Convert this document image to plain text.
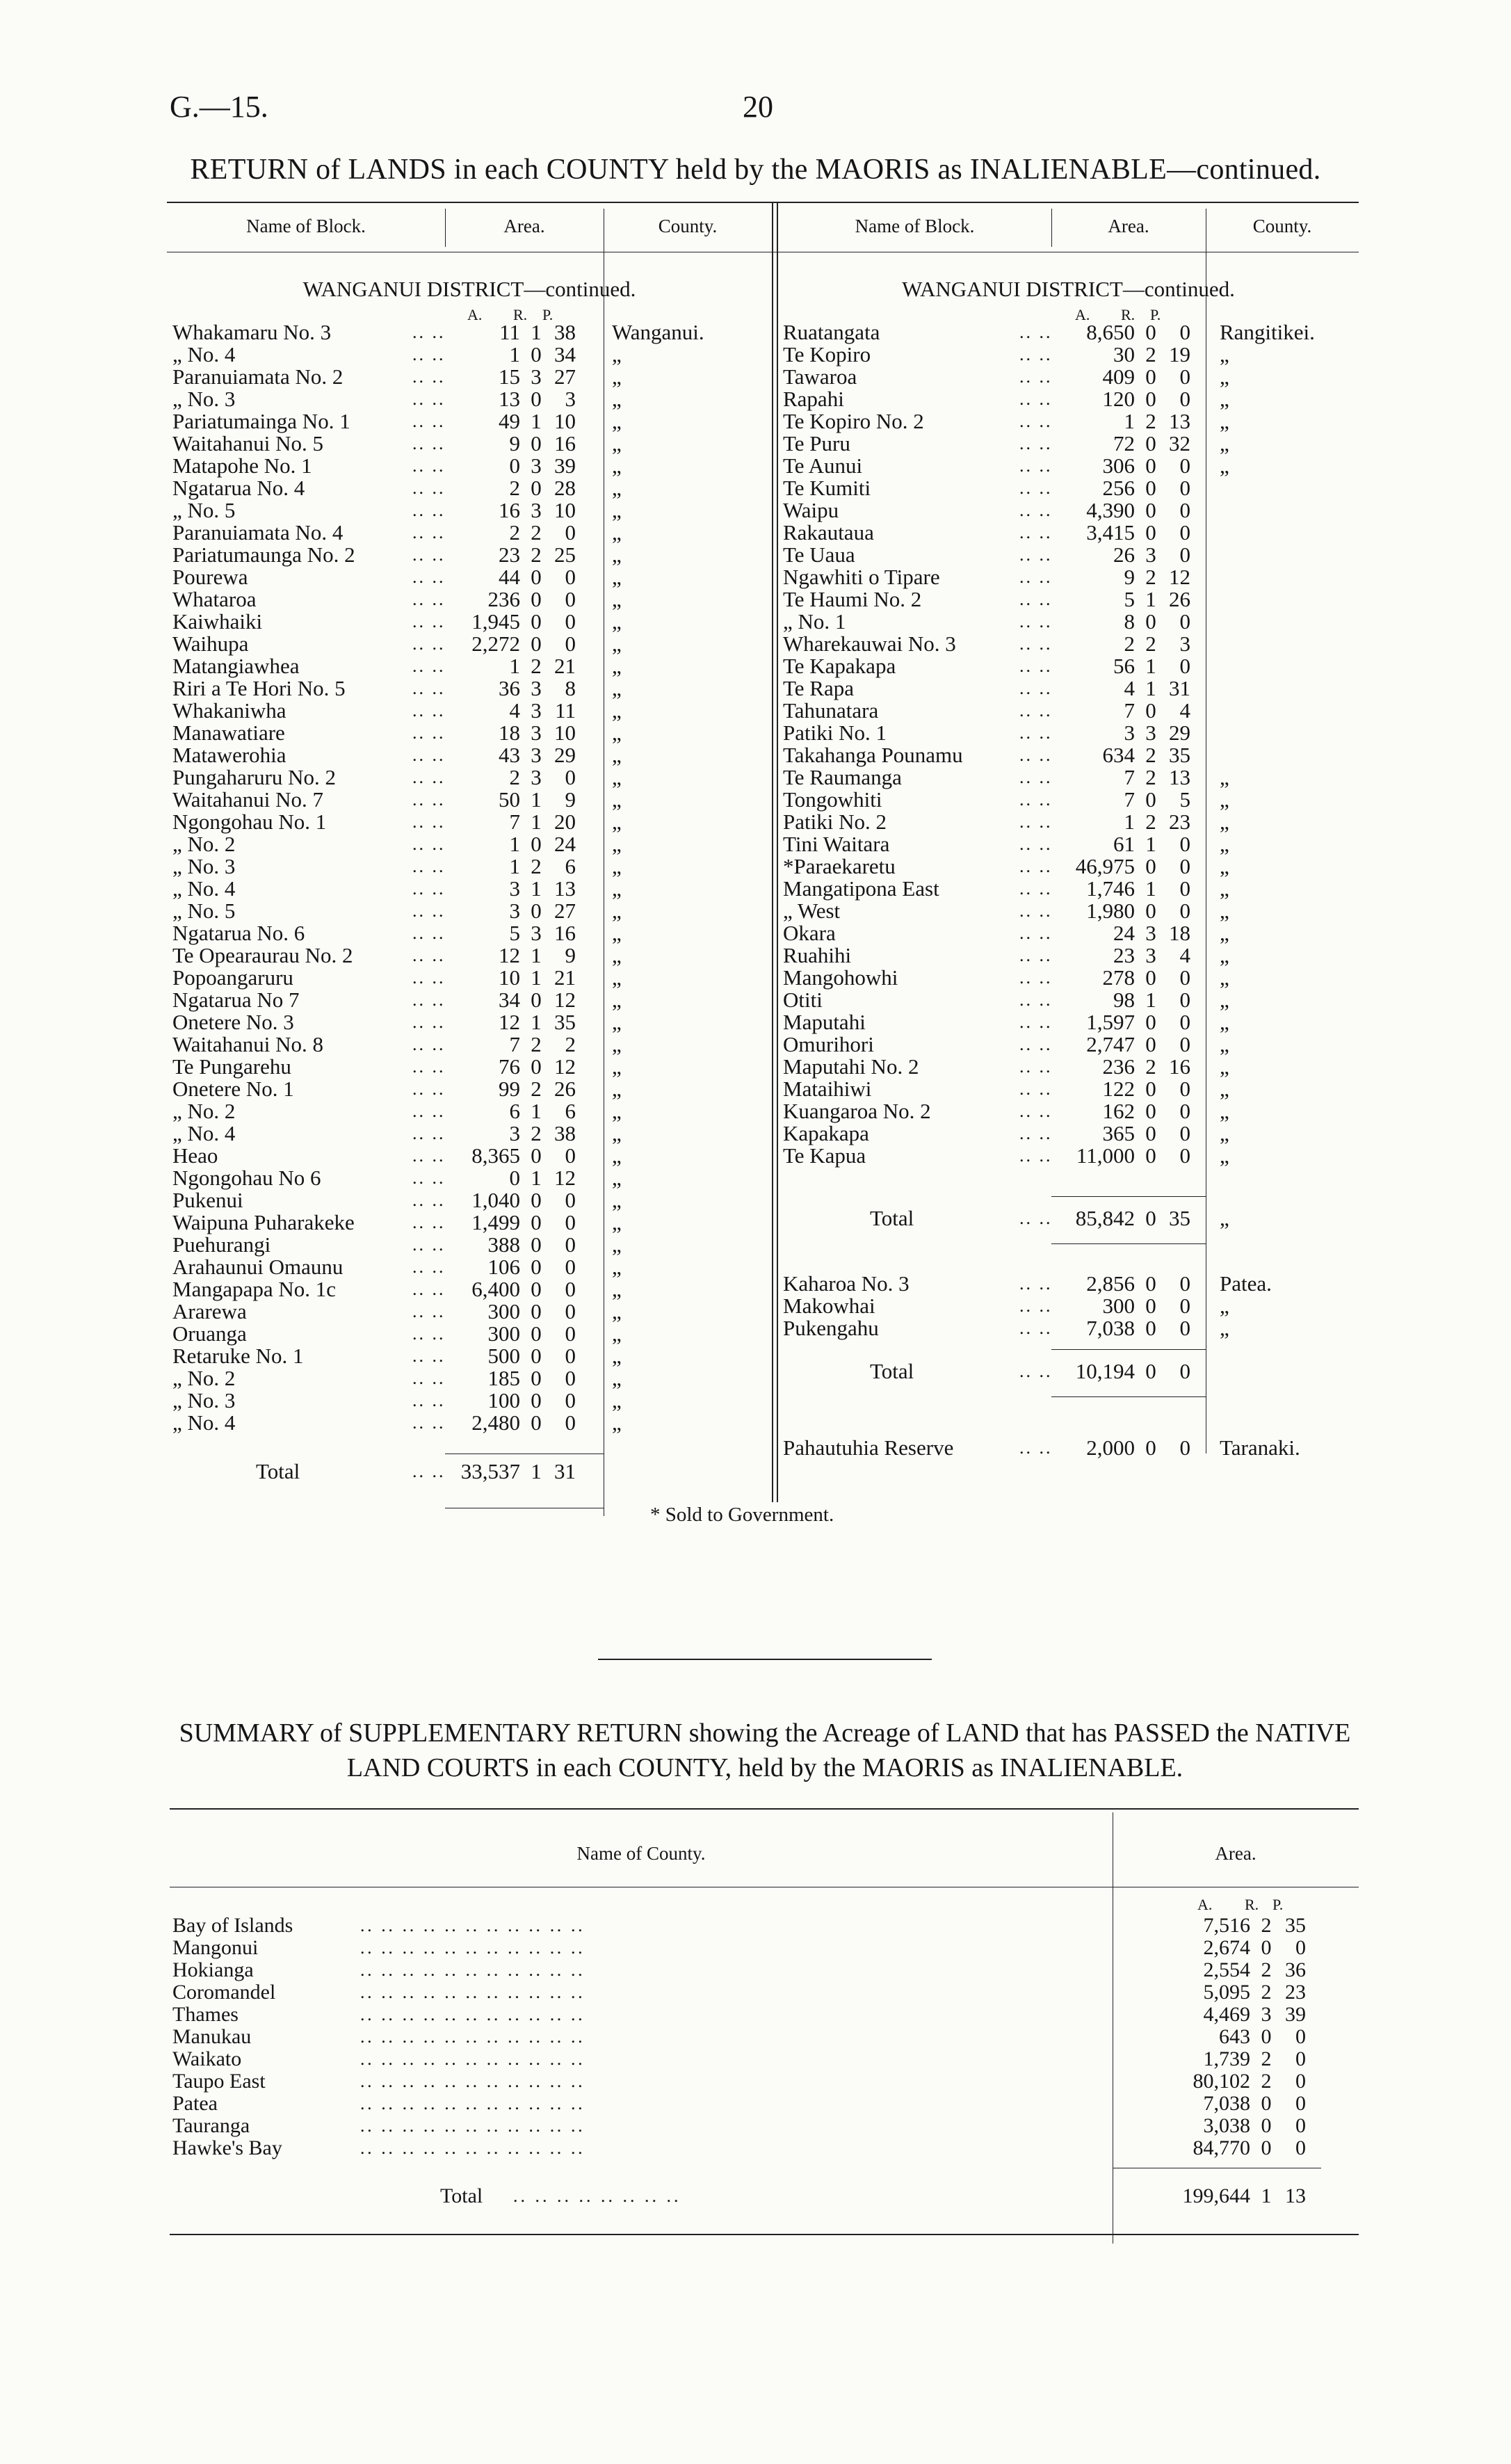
G.—15.	20
RETURN of LANDS in each COUNTY held by the MAORIS as INALIENABLE—continued.
Name of Block.	Area.	County.	Name of Block.	Area.	County.
WANGANUI DISTRICT—continued.	WANGANUI DISTRICT—continued.
A. R. P.	A. R. P.
Whakamaru No. 3	.. ..	11 1 38 Wanganui.
„ No. 4	.. ..	1 0 34 „
Paranuiamata No. 2	.. ..	15 3 27 „
„ No. 3	.. ..	13 0	3 „
Pariatumainga No. 1	.. ..	49 1 10 „
Waitahanui No. 5	.. ..	9 0 16 „
Matapohe No. 1	.. ..	0 3 39 „
Ngatarua No. 4	.. ..	2 0 28 „
„ No. 5	.. ..	16 3 10 „
Paranuiamata No. 4	.. ..	2 2	0 „
Pariatumaunga No. 2	.. ..	23 2 25 „
Pourewa	.. ..	44 0	0 „
Whataroa	.. ..	236 0	0 „
Kaiwhaiki	.. ..	1,945 0	0 „
Waihupa	.. ..	2,272 0	0 „
Matangiawhea	.. ..	1 2 21 „
Riri a Te Hori No. 5	.. ..	36 3	8 „
Whakaniwha	.. ..	4 3 11 „
Manawatiare	.. ..	18 3 10 „
Matawerohia	.. ..	43 3 29 „
Pungaharuru No. 2	.. ..	2 3	0 „
Waitahanui No. 7	.. ..	50 1	9 „
Ngongohau No. 1	.. ..	7 1 20 „
„ No. 2	.. ..	1 0 24 „
„ No. 3	.. ..	1 2	6 „
„ No. 4	.. ..	3 1 13 „
„ No. 5	.. ..	3 0 27 „
Ngatarua No. 6	.. ..	5 3 16 „
Te Opearaurau No. 2	.. ..	12 1	9 „
Popoangaruru	.. ..	10 1 21 „
Ngatarua No 7	.. ..	34 0 12 „
Onetere No. 3	.. ..	12 1 35 „
Waitahanui No. 8	.. ..	7 2	2 „
Te Pungarehu	.. ..	76 0 12 „
Onetere No. 1	.. ..	99 2 26 „
„ No. 2	.. ..	6 1	6 „
„ No. 4	.. ..	3 2 38 „
Heao	.. ..	8,365 0	0 „
Ngongohau No 6	.. ..	0 1 12 „
Pukenui	.. ..	1,040 0	0 „
Waipuna Puharakeke	.. ..	1,499 0	0 „
Puehurangi	.. ..	388 0	0 „
Arahaunui Omaunu	.. ..	106 0	0 „
Mangapapa No. 1c	.. ..	6,400 0	0 „
Ararewa	.. ..	300 0	0 „
Oruanga	.. ..	300 0	0 „
Retaruke No. 1	.. ..	500 0	0 „
„ No. 2	.. ..	185 0	0 „
„ No. 3	.. ..	100 0	0 „
„ No. 4	.. ..	2,480 0	0 „
Total	.. .. 33,537 1 31
Ruatangata	.. ..	8,650 0	0 Rangitikei.
Te Kopiro	.. ..	30 2 19 „
Tawaroa	.. ..	409 0	0 „
Rapahi	.. ..	120 0	0 „
Te Kopiro No. 2	.. ..	1 2 13 „
Te Puru	.. ..	72 0 32 „
Te Aunui	.. ..	306 0	0 „
Te Kumiti	.. ..	256 0	0
Waipu	.. ..	4,390 0	0
Rakautaua	.. ..	3,415 0	0
Te Uaua	.. ..	26 3	0
Ngawhiti o Tipare	.. ..	9 2 12
Te Haumi No. 2	.. ..	5 1 26
„ No. 1	.. ..	8 0	0
Wharekauwai No. 3	.. ..	2 2	3
Te Kapakapa	.. ..	56 1	0
Te Rapa	.. ..	4 1 31
Tahunatara	.. ..	7 0	4
Patiki No. 1	.. ..	3 3 29
Takahanga Pounamu	.. ..	634 2 35
Te Raumanga	.. ..	7 2 13 „
Tongowhiti	.. ..	7 0	5 „
Patiki No. 2	.. ..	1 2 23 „
Tini Waitara	.. ..	61 1	0 „
*Paraekaretu	.. ..	46,975 0	0 „
Mangatipona East	.. ..	1,746 1	0 „
„ West	.. ..	1,980 0	0 „
Okara	.. ..	24 3 18 „
Ruahihi	.. ..	23 3	4 „
Mangohowhi	.. ..	278 0	0 „
Otiti	.. ..	98 1	0 „
Maputahi	.. ..	1,597 0	0 „
Omurihori	.. ..	2,747 0	0 „
Maputahi No. 2	.. ..	236 2 16 „
Mataihiwi	.. ..	122 0	0 „
Kuangaroa No. 2	.. ..	162 0	0 „
Kapakapa	.. ..	365 0	0 „
Te Kapua	.. ..	11,000 0	0 „
Total	.. ..	85,842 0 35 „
Kaharoa No. 3	.. ..	2,856 0	0 Patea.
Makowhai	.. ..	300 0	0 „
Pukengahu	.. ..	7,038 0	0 „
Total	.. ..	10,194 0	0
Pahautuhia Reserve	.. ..	2,000 0	0 Taranaki.
* Sold to Government.
SUMMARY of SUPPLEMENTARY RETURN showing the Acreage of LAND that has PASSED the NATIVE
LAND COURTS in each COUNTY, held by the MAORIS as INALIENABLE.
Name of County.	Area.
A. R. P.
Bay of Islands	.. .. .. .. .. .. .. .. .. .. ..	7,516 2 35
Mangonui	.. .. .. .. .. .. .. .. .. .. ..	2,674 0	0
Hokianga	.. .. .. .. .. .. .. .. .. .. ..	2,554 2 36
Coromandel	.. .. .. .. .. .. .. .. .. .. ..	5,095 2 23
Thames	.. .. .. .. .. .. .. .. .. .. ..	4,469 3 39
Manukau	.. .. .. .. .. .. .. .. .. .. ..	643 0	0
Waikato	.. .. .. .. .. .. .. .. .. .. ..	1,739 2	0
Taupo East	.. .. .. .. .. .. .. .. .. .. ..	80,102 2	0
Patea	.. .. .. .. .. .. .. .. .. .. ..	7,038 0	0
Tauranga	.. .. .. .. .. .. .. .. .. .. ..	3,038 0	0
Hawke's Bay	.. .. .. .. .. .. .. .. .. .. ..	84,770 0	0
Total .. .. .. .. .. .. .. ..	199,644 1 13
